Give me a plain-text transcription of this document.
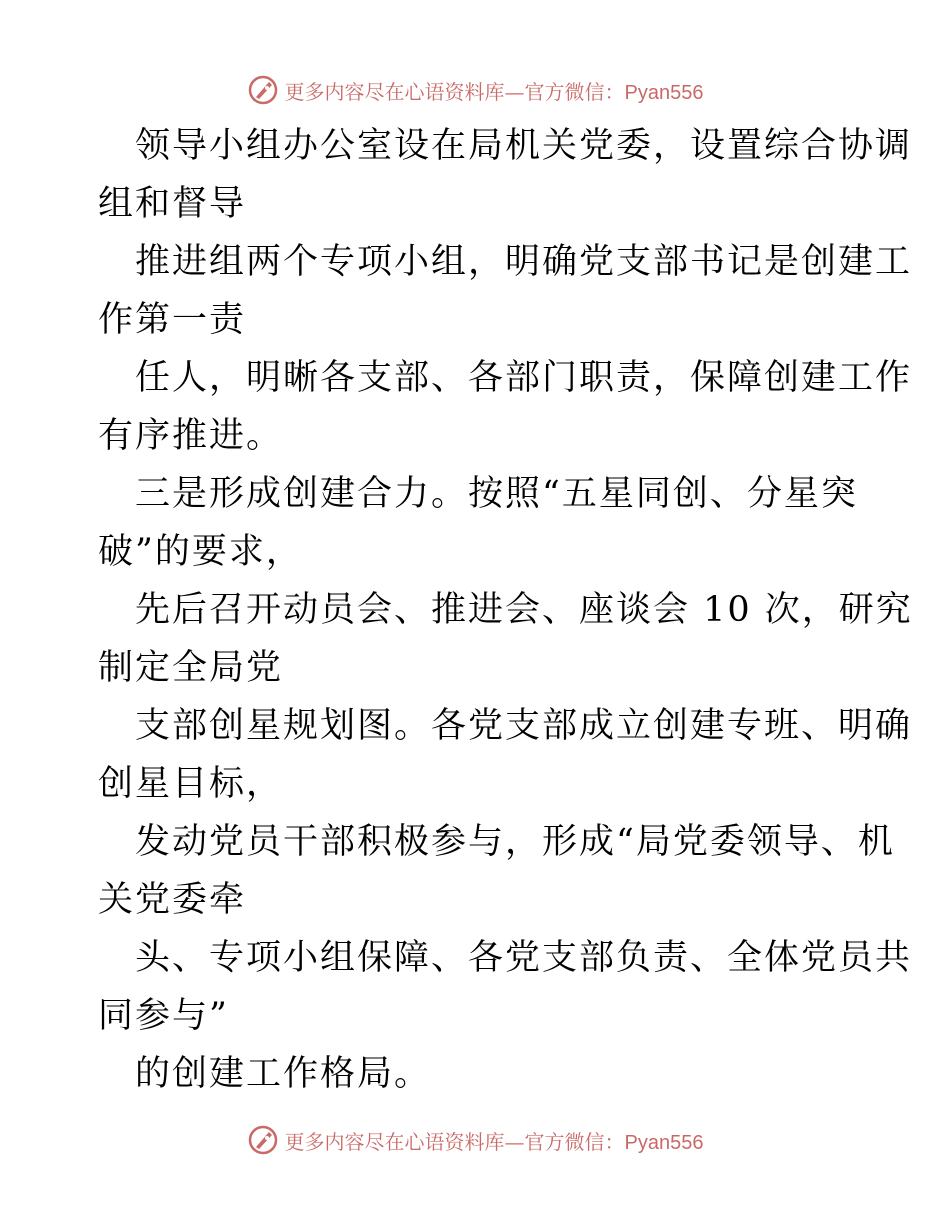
更多内容尽在心语资料库—官方微信：Pyan556
领导小组办公室设在局机关党委，设置综合协调
组和督导
推进组两个专项小组，明确党支部书记是创建工
作第一责
任人，明晰各支部、各部门职责，保障创建工作
有序推进。
三是形成创建合力。按照“五星同创、分星突
破”的要求，
先后召开动员会、推进会、座谈会 10 次，研究
制定全局党
支部创星规划图。各党支部成立创建专班、明确
创星目标，
发动党员干部积极参与，形成“局党委领导、机
关党委牵
头、专项小组保障、各党支部负责、全体党员共
同参与”
的创建工作格局。
更多内容尽在心语资料库—官方微信：Pyan556
